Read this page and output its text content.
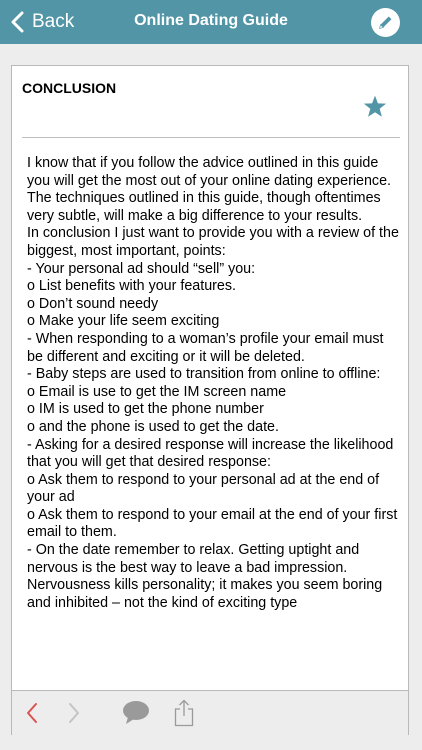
Back	Online Dating Guide
CONCLUSION

I know that if you follow the advice outlined in this guide you will get the most out of your online dating experience.

The techniques outlined in this guide, though oftentimes very subtle, will make a big difference to your results.

In conclusion I just want to provide you with a review of the biggest, most important, points:

- Your personal ad should “sell” you:

o List benefits with your features.

o Don’t sound needy

o Make your life seem exciting

- When responding to a woman’s profile your email must be different and exciting or it will be deleted.

- Baby steps are used to transition from online to offline:

o Email is use to get the IM screen name

o IM is used to get the phone number

o and the phone is used to get the date.

- Asking for a desired response will increase the likelihood that you will get that desired response:

o Ask them to respond to your personal ad at the end of your ad

o Ask them to respond to your email at the end of your first email to them.

- On the date remember to relax. Getting uptight and nervous is the best way to leave a bad impression.

Nervousness kills personality; it makes you seem boring and inhibited – not the kind of exciting type
